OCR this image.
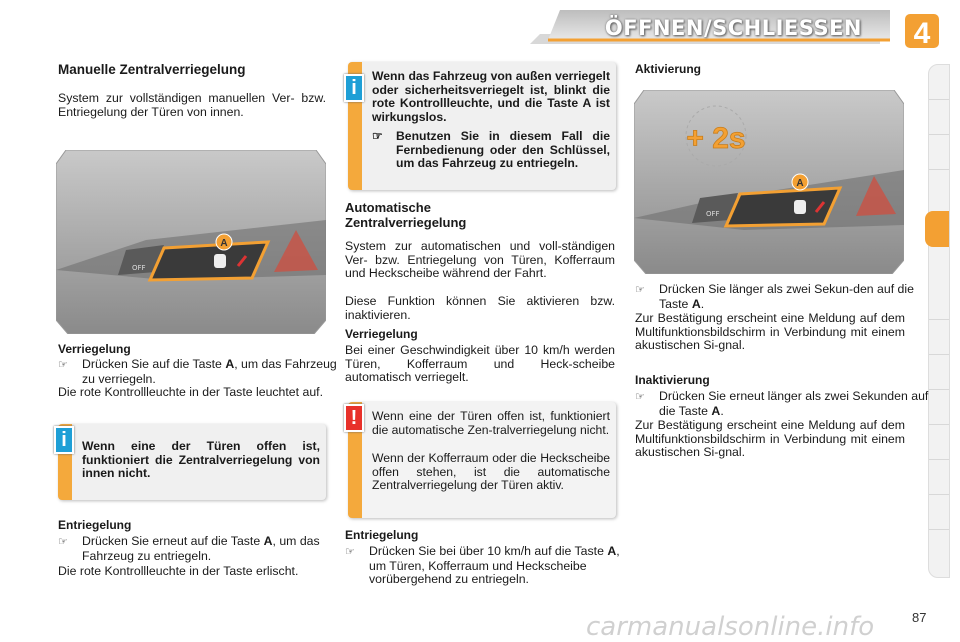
ÖFFNEN/SCHLIESSEN 4
Manuelle Zentralverriegelung

System zur vollständigen manuellen Ver- bzw. Entriegelung der Türen von innen.

OFF
A

Verriegelung

☞ Drücken Sie auf die Taste A, um das Fahrzeug zu verriegeln.

Die rote Kontrollleuchte in der Taste leuchtet auf.

Wenn eine der Türen offen ist, funktioniert die Zentralverriegelung von innen nicht.
i

Entriegelung

☞ Drücken Sie erneut auf die Taste A, um das Fahrzeug zu entriegeln.

Die rote Kontrollleuchte in der Taste erlischt.

Wenn das Fahrzeug von außen verriegelt oder sicherheitsverriegelt ist, blinkt die rote Kontrollleuchte, und die Taste A ist wirkungslos.
☞ Benutzen Sie in diesem Fall die Fernbedienung oder den Schlüssel, um das Fahrzeug zu entriegeln.
i
Automatische Zentralverriegelung

System zur automatischen und voll-ständigen Ver- bzw. Entriegelung von Türen, Kofferraum und Heckscheibe während der Fahrt.

Diese Funktion können Sie aktivieren bzw. inaktivieren.

Verriegelung

Bei einer Geschwindigkeit über 10 km/h werden Türen, Kofferraum und Heck-scheibe automatisch verriegelt.

Wenn eine der Türen offen ist, funktioniert die automatische Zen-tralverriegelung nicht.
Wenn der Kofferraum oder die Heckscheibe offen stehen, ist die automatische Zentralverriegelung der Türen aktiv.
!

Entriegelung

☞ Drücken Sie bei über 10 km/h auf die Taste A, um Türen, Kofferraum und Heckscheibe vorübergehend zu entriegeln.

Aktivierung

OFF
A
+ 2s

☞ Drücken Sie länger als zwei Sekun-den auf die Taste A.

Zur Bestätigung erscheint eine Meldung auf dem Multifunktionsbildschirm in Verbindung mit einem akustischen Si-gnal.

Inaktivierung

☞ Drücken Sie erneut länger als zwei Sekunden auf die Taste A.

Zur Bestätigung erscheint eine Meldung auf dem Multifunktionsbildschirm in Verbindung mit einem akustischen Si-gnal.

carmanualsonline.info	87
